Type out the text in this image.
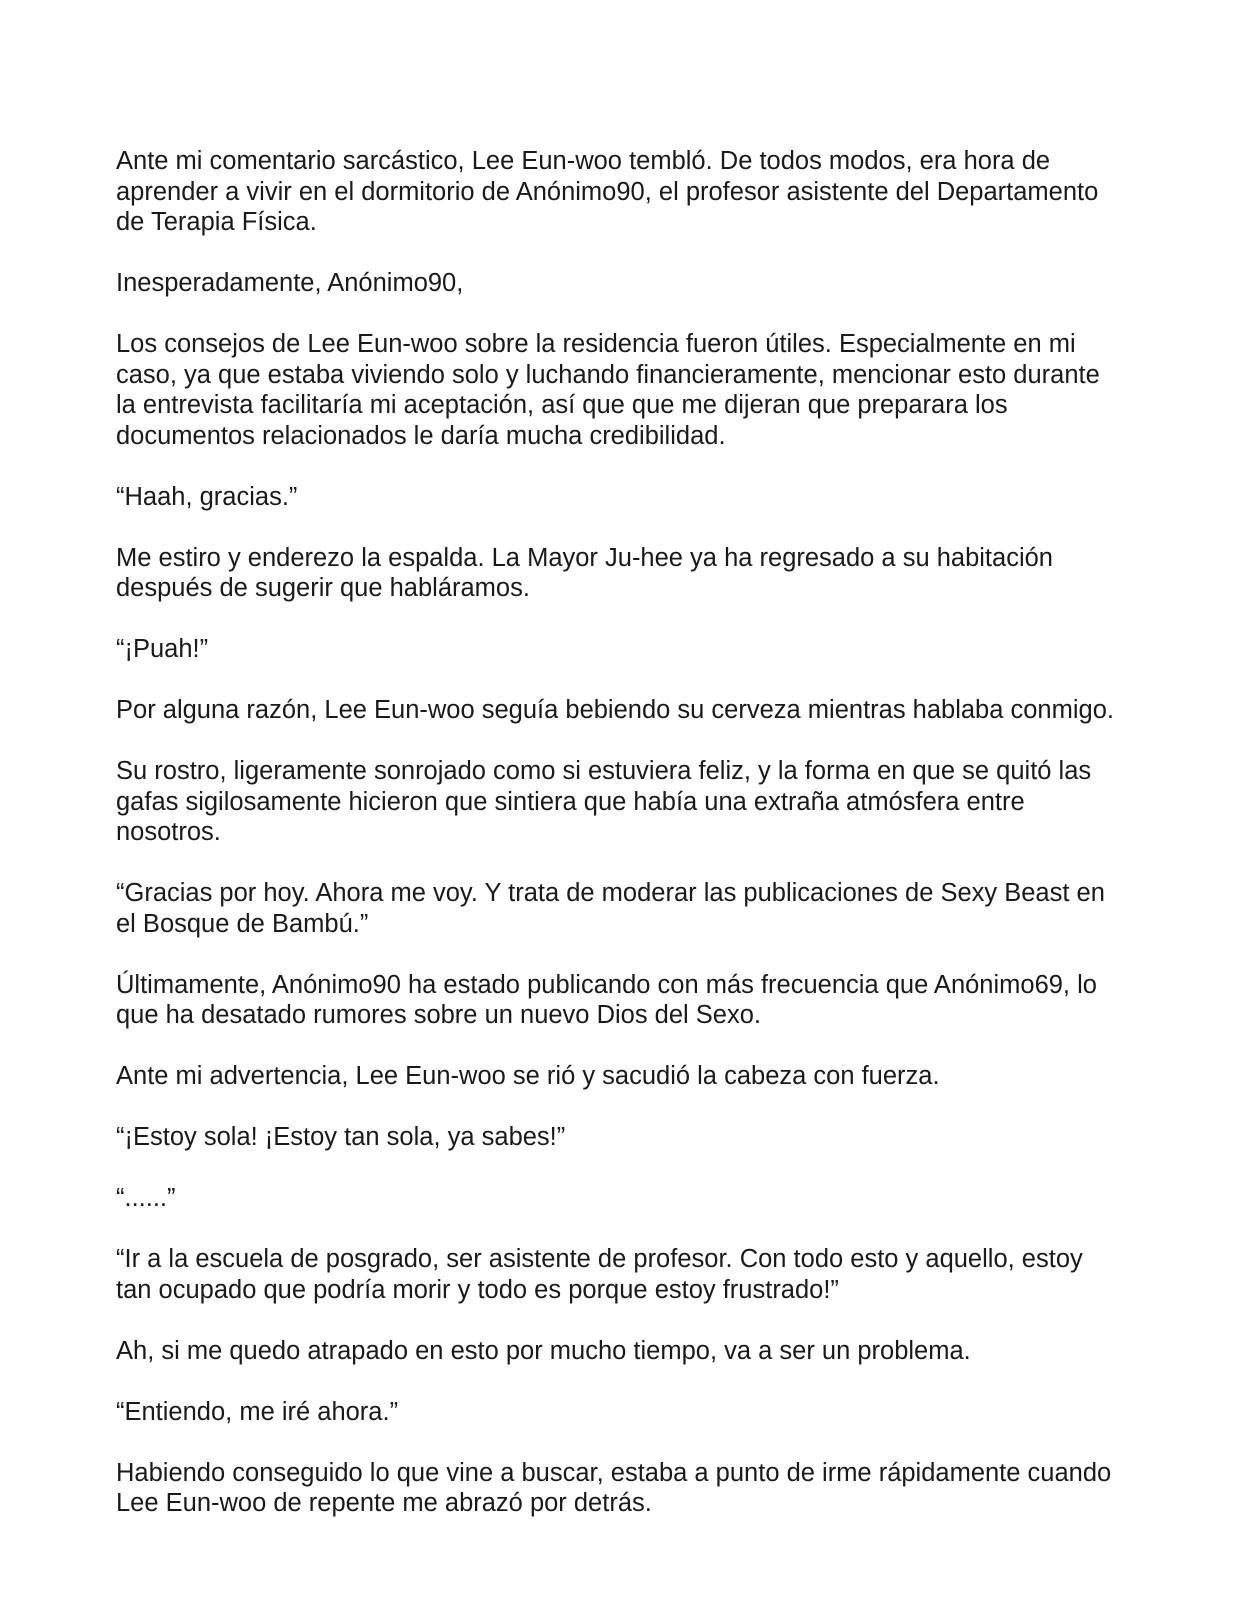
Ante mi comentario sarcástico, Lee Eun-woo tembló. De todos modos, era hora de aprender a vivir en el dormitorio de Anónimo90, el profesor asistente del Departamento de Terapia Física.

Inesperadamente, Anónimo90,

Los consejos de Lee Eun-woo sobre la residencia fueron útiles. Especialmente en mi caso, ya que estaba viviendo solo y luchando financieramente, mencionar esto durante la entrevista facilitaría mi aceptación, así que que me dijeran que preparara los documentos relacionados le daría mucha credibilidad.

“Haah, gracias.”

Me estiro y enderezo la espalda. La Mayor Ju-hee ya ha regresado a su habitación después de sugerir que habláramos.

“¡Puah!”

Por alguna razón, Lee Eun-woo seguía bebiendo su cerveza mientras hablaba conmigo.

Su rostro, ligeramente sonrojado como si estuviera feliz, y la forma en que se quitó las gafas sigilosamente hicieron que sintiera que había una extraña atmósfera entre nosotros.

“Gracias por hoy. Ahora me voy. Y trata de moderar las publicaciones de Sexy Beast en el Bosque de Bambú.”

Últimamente, Anónimo90 ha estado publicando con más frecuencia que Anónimo69, lo que ha desatado rumores sobre un nuevo Dios del Sexo.

Ante mi advertencia, Lee Eun-woo se rió y sacudió la cabeza con fuerza.

“¡Estoy sola! ¡Estoy tan sola, ya sabes!”

“......”

“Ir a la escuela de posgrado, ser asistente de profesor. Con todo esto y aquello, estoy tan ocupado que podría morir y todo es porque estoy frustrado!”

Ah, si me quedo atrapado en esto por mucho tiempo, va a ser un problema.

“Entiendo, me iré ahora.”

Habiendo conseguido lo que vine a buscar, estaba a punto de irme rápidamente cuando Lee Eun-woo de repente me abrazó por detrás.
